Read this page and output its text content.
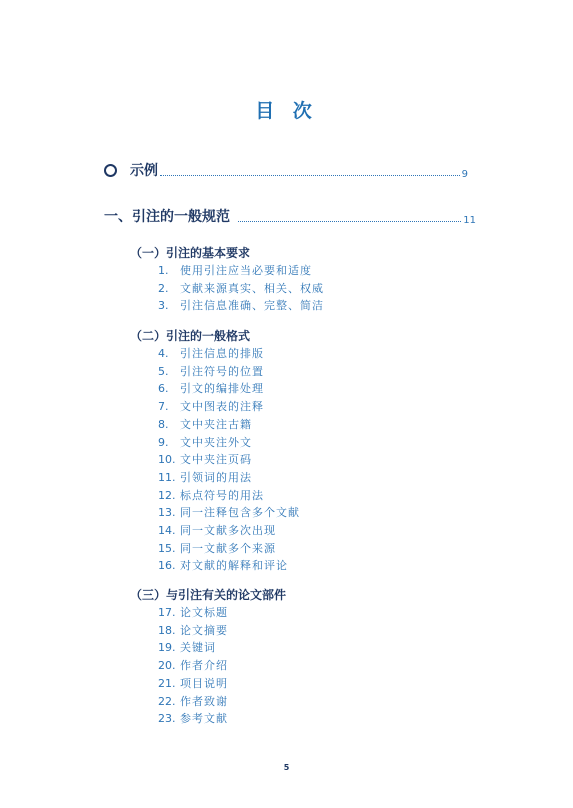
目 次
示例	9
一、引注的一般规范	11
（一）引注的基本要求
1. 使用引注应当必要和适度
2. 文献来源真实、相关、权威
3. 引注信息准确、完整、简洁
（二）引注的一般格式
4. 引注信息的排版
5. 引注符号的位置
6. 引文的编排处理
7. 文中图表的注释
8. 文中夹注古籍
9. 文中夹注外文
10. 文中夹注页码
11. 引领词的用法
12. 标点符号的用法
13. 同一注释包含多个文献
14. 同一文献多次出现
15. 同一文献多个来源
16. 对文献的解释和评论
（三）与引注有关的论文部件
17. 论文标题
18. 论文摘要
19. 关键词
20. 作者介绍
21. 项目说明
22. 作者致谢
23. 参考文献
5
